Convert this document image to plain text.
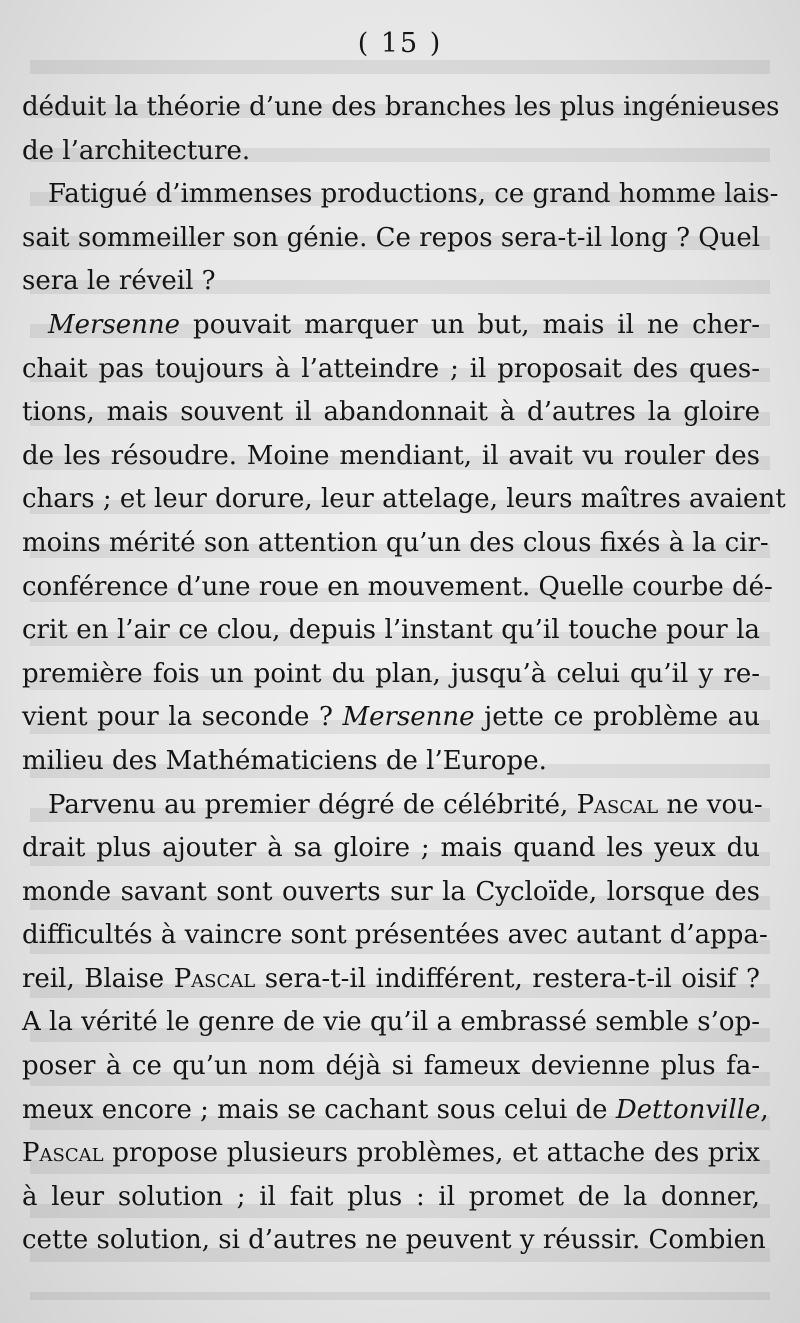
( 15 )
déduit la théorie d’une des branches les plus ingénieuses
de l’architecture.
Fatigué d’immenses productions, ce grand homme lais-
sait sommeiller son génie. Ce repos sera-t-il long ? Quel
sera le réveil ?
Mersenne pouvait marquer un but, mais il ne cher-
chait pas toujours à l’atteindre ; il proposait des ques-
tions, mais souvent il abandonnait à d’autres la gloire
de les résoudre. Moine mendiant, il avait vu rouler des
chars ; et leur dorure, leur attelage, leurs maîtres avaient
moins mérité son attention qu’un des clous fixés à la cir-
conférence d’une roue en mouvement. Quelle courbe dé-
crit en l’air ce clou, depuis l’instant qu’il touche pour la
première fois un point du plan, jusqu’à celui qu’il y re-
vient pour la seconde ? Mersenne jette ce problème au
milieu des Mathématiciens de l’Europe.
Parvenu au premier dégré de célébrité, Pascal ne vou-
drait plus ajouter à sa gloire ; mais quand les yeux du
monde savant sont ouverts sur la Cycloïde, lorsque des
difficultés à vaincre sont présentées avec autant d’appa-
reil, Blaise Pascal sera-t-il indifférent, restera-t-il oisif ?
A la vérité le genre de vie qu’il a embrassé semble s’op-
poser à ce qu’un nom déjà si fameux devienne plus fa-
meux encore ; mais se cachant sous celui de Dettonville,
Pascal propose plusieurs problèmes, et attache des prix
à leur solution ; il fait plus : il promet de la donner,
cette solution, si d’autres ne peuvent y réussir. Combien
